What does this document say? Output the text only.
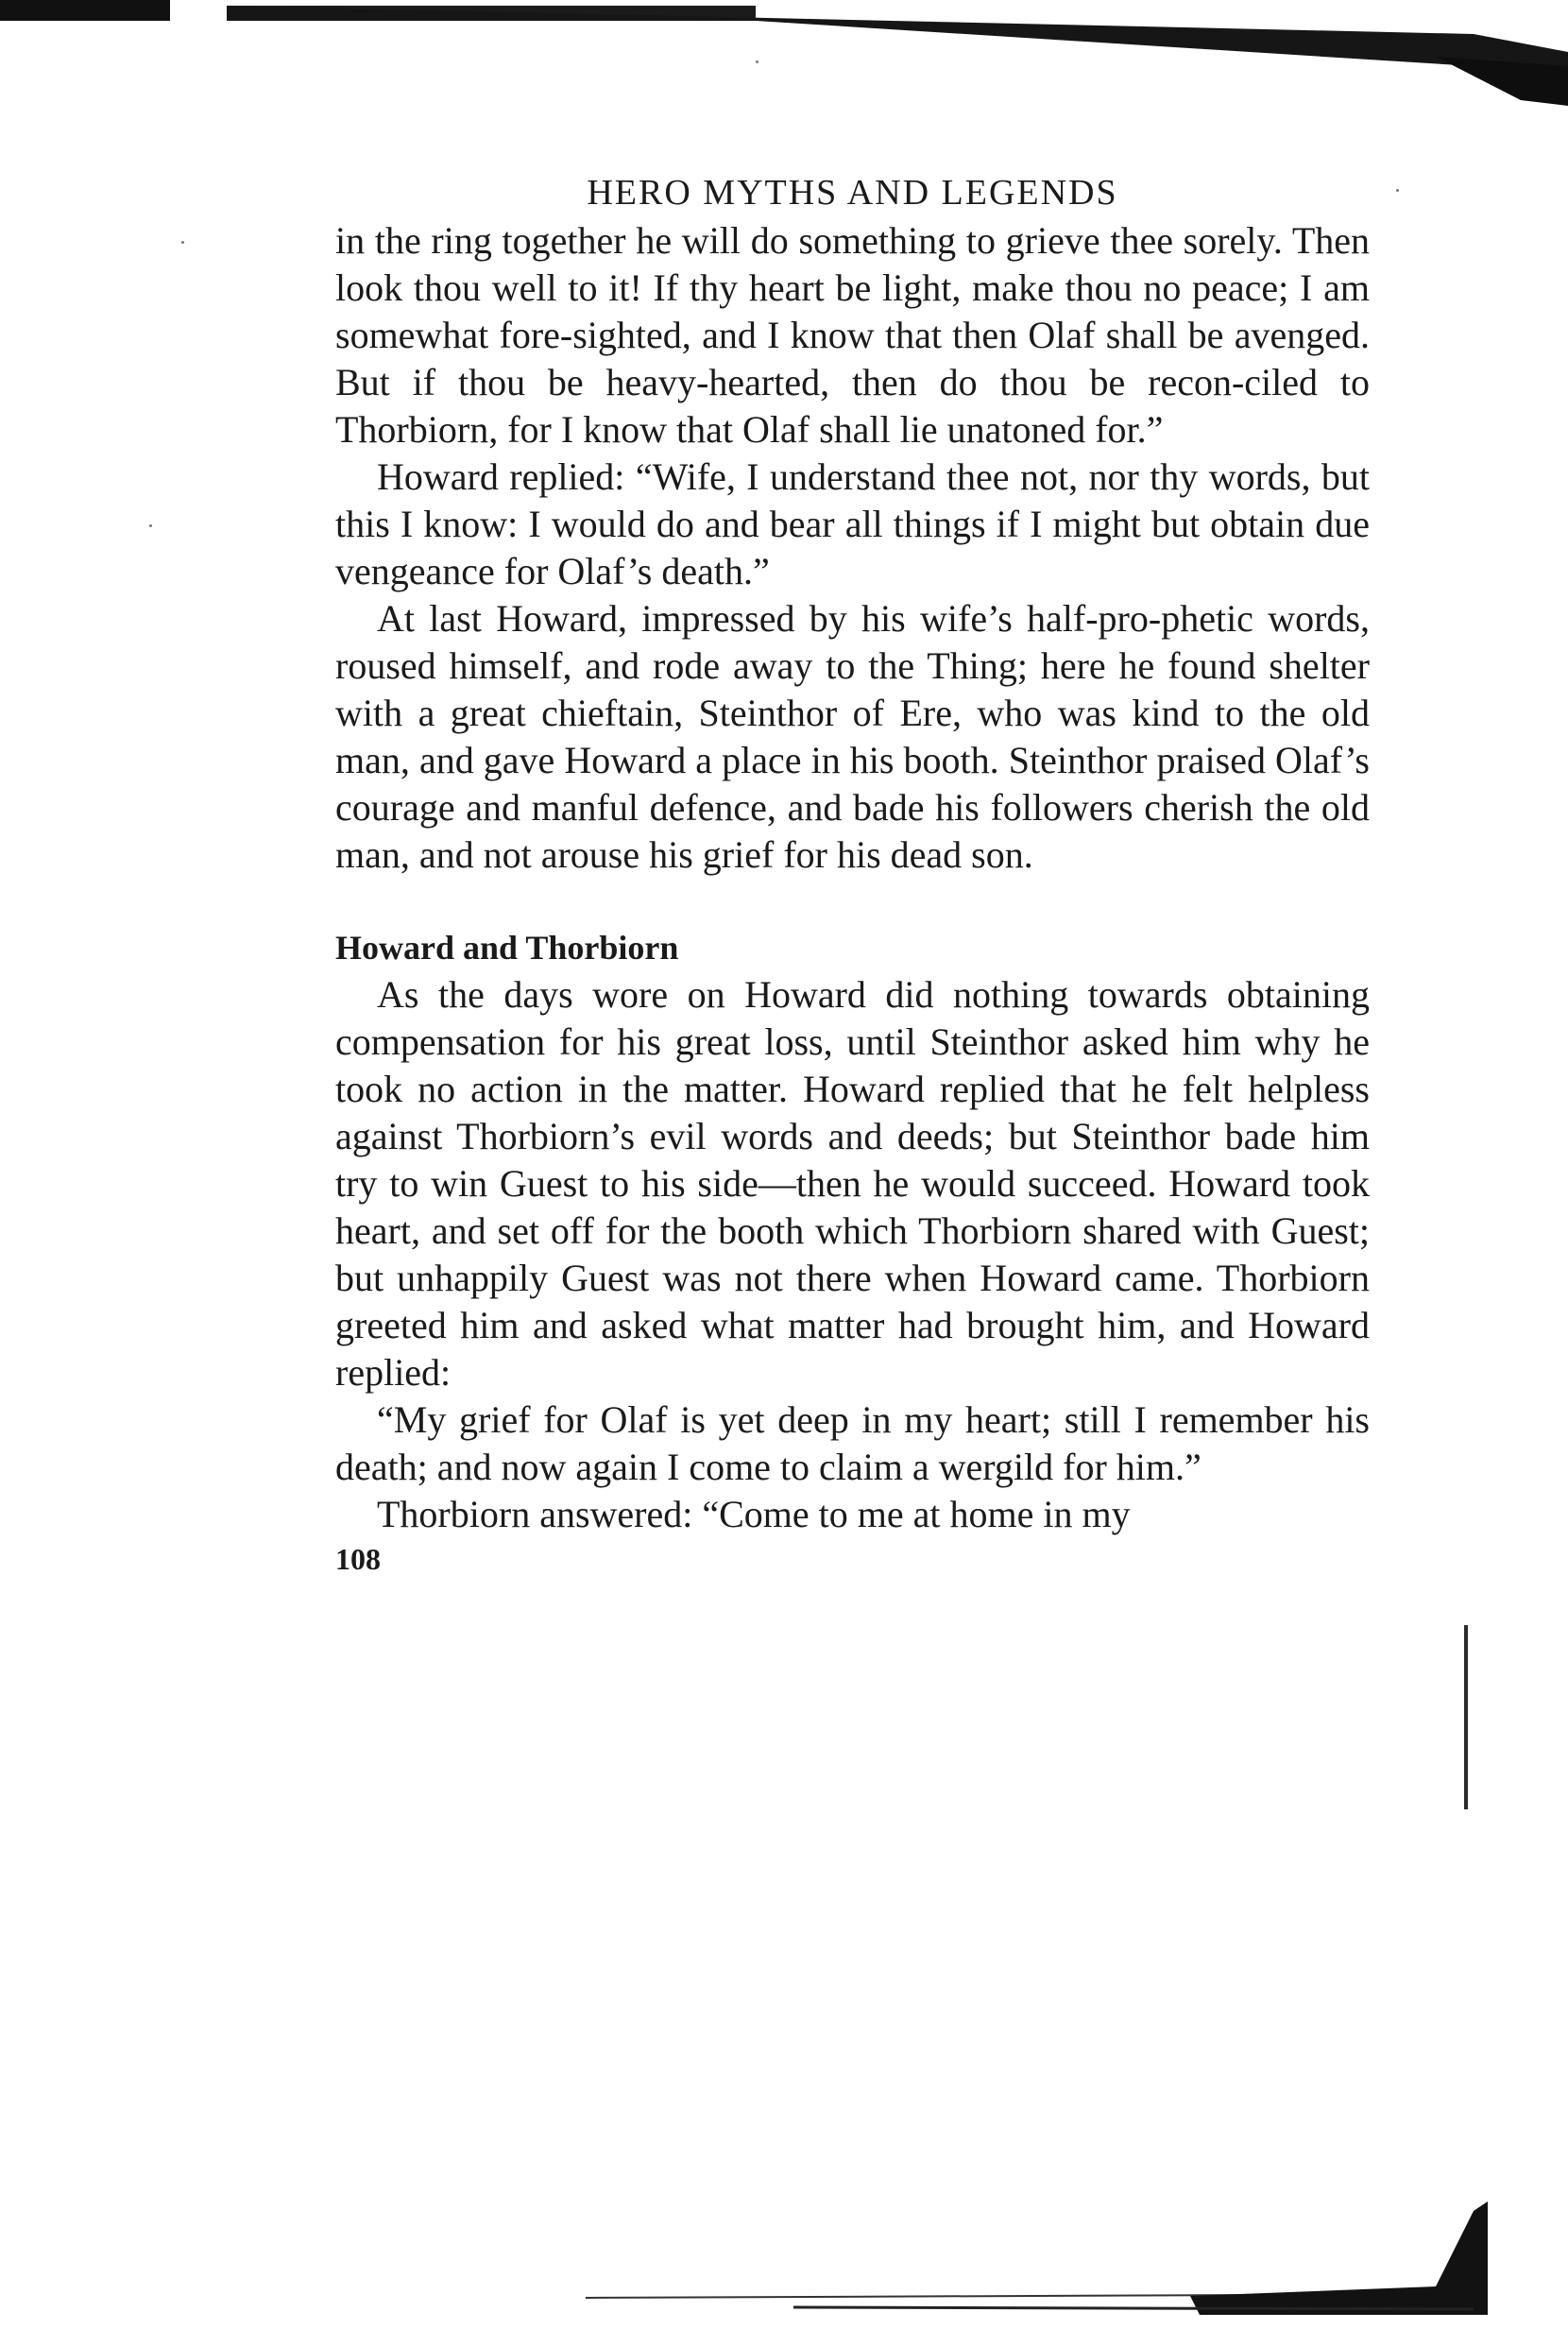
HERO MYTHS AND LEGENDS

in the ring together he will do something to grieve thee sorely. Then look thou well to it! If thy heart be light, make thou no peace; I am somewhat fore-sighted, and I know that then Olaf shall be avenged. But if thou be heavy-hearted, then do thou be recon-ciled to Thorbiorn, for I know that Olaf shall lie unatoned for.”

Howard replied: “Wife, I understand thee not, nor thy words, but this I know: I would do and bear all things if I might but obtain due vengeance for Olaf’s death.”

At last Howard, impressed by his wife’s half-pro-phetic words, roused himself, and rode away to the Thing; here he found shelter with a great chieftain, Steinthor of Ere, who was kind to the old man, and gave Howard a place in his booth. Steinthor praised Olaf’s courage and manful defence, and bade his followers cherish the old man, and not arouse his grief for his dead son.

Howard and Thorbiorn

As the days wore on Howard did nothing towards obtaining compensation for his great loss, until Steinthor asked him why he took no action in the matter. Howard replied that he felt helpless against Thorbiorn’s evil words and deeds; but Steinthor bade him try to win Guest to his side—then he would succeed. Howard took heart, and set off for the booth which Thorbiorn shared with Guest; but unhappily Guest was not there when Howard came. Thorbiorn greeted him and asked what matter had brought him, and Howard replied:

“My grief for Olaf is yet deep in my heart; still I remember his death; and now again I come to claim a wergild for him.”

Thorbiorn answered: “Come to me at home in my

108
